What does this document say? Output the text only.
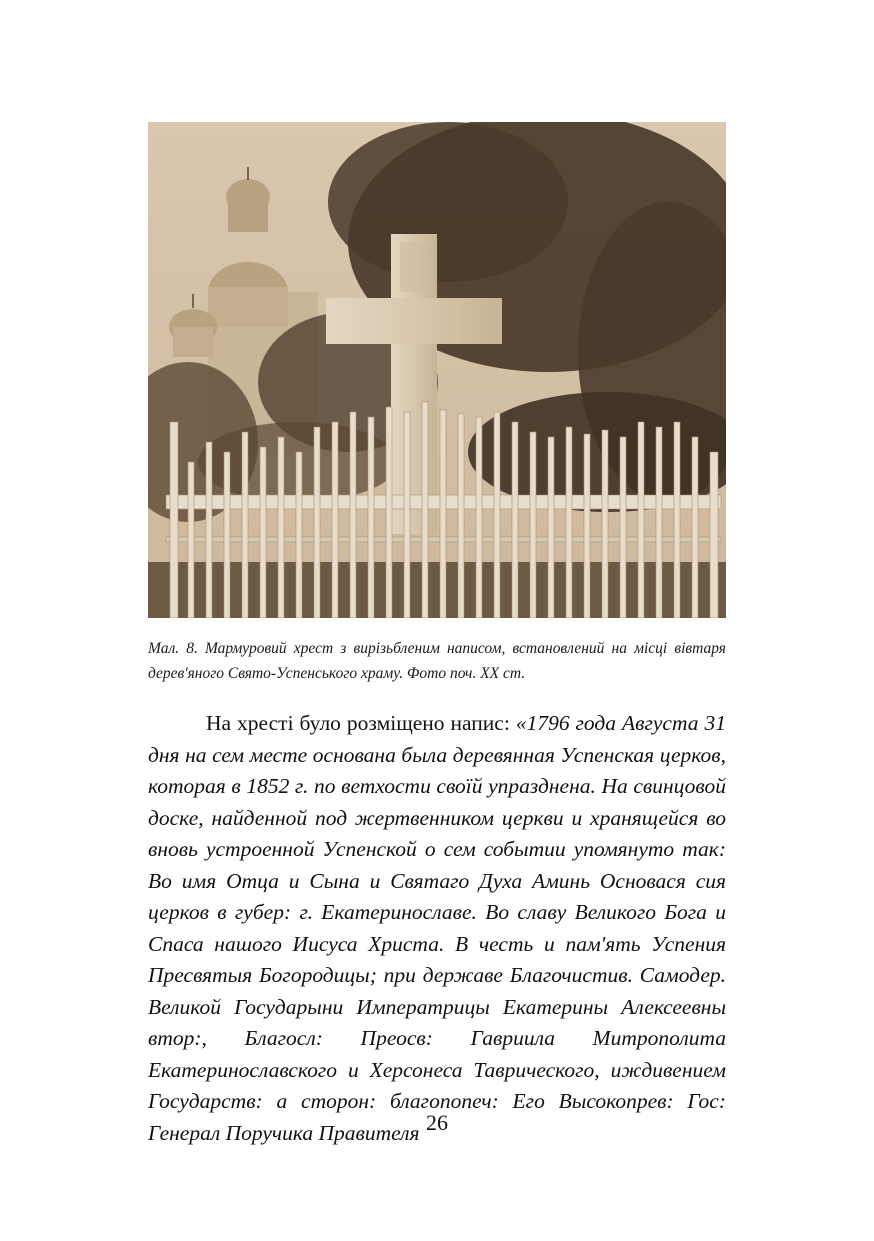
Мал. 8. Мармуровий хрест з вирізьбленим написом, встановлений на місці вівтаря дерев'яного Свято-Успенського храму. Фото поч. ХХ ст.
На хресті було розміщено напис: «1796 года Августа 31 дня на сем месте основана была деревянная Успенская церков, которая в 1852 г. по ветхости своїй упразднена. На свинцовой доске, найденной под жертвенником церкви и хранящейся во вновь устроенной Успенской о сем событии упомянуто так: Во имя Отца и Сына и Святаго Духа Аминь Основася сия церков в губер: г. Екатеринославе. Во славу Великого Бога и Спаса нашого Иисуса Христа. В честь и пам'ять Успения Пресвятыя Богородицы; при державе Благочистив. Самодер. Великой Государыни Императрицы Екатерины Алексеевны втор:, Благосл: Преосв: Гавриила Митрополита Екатеринославского и Херсонеса Таврического, иждивением Государств: а сторон: благопопеч: Его Высокопрев: Гос: Генерал Поручика Правителя 26
